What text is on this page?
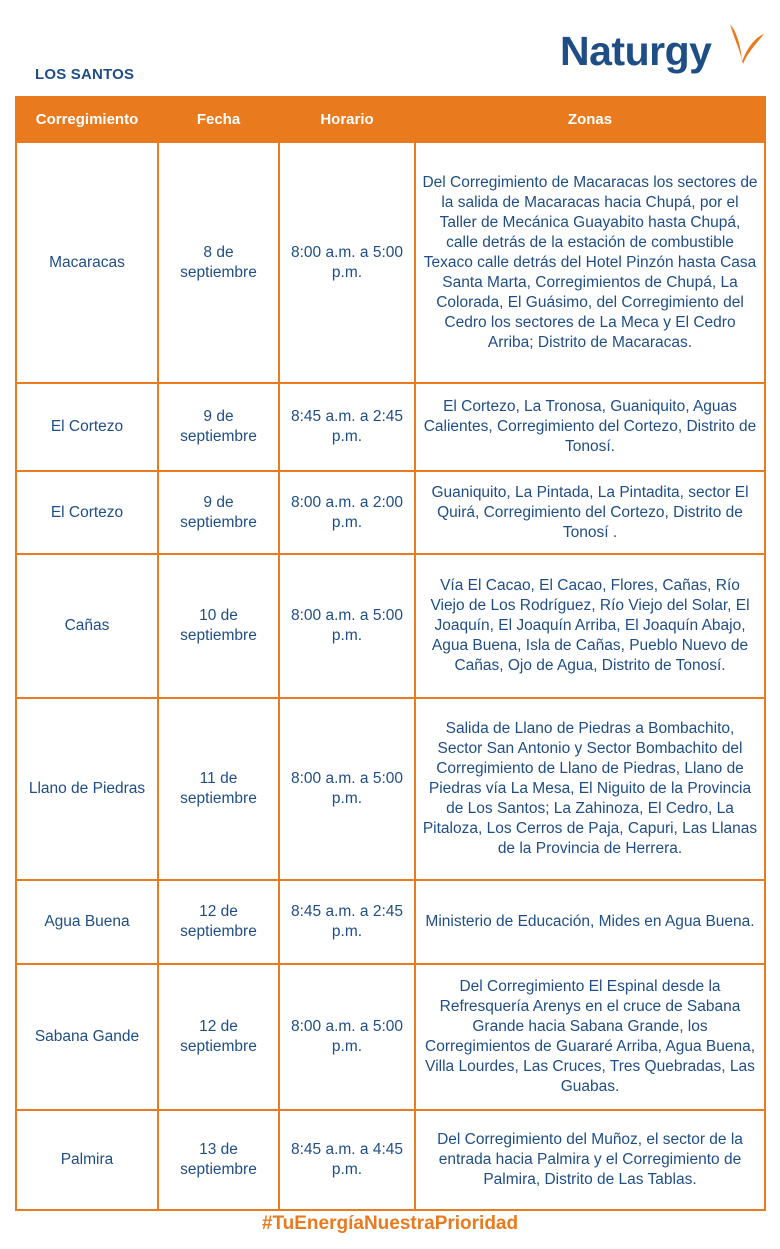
LOS SANTOS
Naturgy
Corregimiento	Fecha	Horario	Zonas
Macaracas	8 de septiembre	8:00 a.m. a 5:00 p.m.	Del Corregimiento de Macaracas los sectores de la salida de Macaracas hacia Chupá, por el Taller de Mecánica Guayabito hasta Chupá, calle detrás de la estación de combustible Texaco calle detrás del Hotel Pinzón hasta Casa Santa Marta, Corregimientos de Chupá, La Colorada, El Guásimo, del Corregimiento del Cedro los sectores de La Meca y El Cedro Arriba; Distrito de Macaracas.
El Cortezo	9 de septiembre	8:45 a.m. a 2:45 p.m.	El Cortezo, La Tronosa, Guaniquito, Aguas Calientes, Corregimiento del Cortezo, Distrito de Tonosí.
El Cortezo	9 de septiembre	8:00 a.m. a 2:00 p.m.	Guaniquito, La Pintada, La Pintadita, sector El Quirá, Corregimiento del Cortezo, Distrito de Tonosí .
Cañas	10 de septiembre	8:00 a.m. a 5:00 p.m.	Vía El Cacao, El Cacao, Flores, Cañas, Río Viejo de Los Rodríguez, Río Viejo del Solar, El Joaquín, El Joaquín Arriba, El Joaquín Abajo, Agua Buena, Isla de Cañas, Pueblo Nuevo de Cañas, Ojo de Agua, Distrito de Tonosí.
Llano de Piedras	11 de septiembre	8:00 a.m. a 5:00 p.m.	Salida de Llano de Piedras a Bombachito, Sector San Antonio y Sector Bombachito del Corregimiento de Llano de Piedras, Llano de Piedras vía La Mesa, El Niguito de la Provincia de Los Santos; La Zahinoza, El Cedro, La Pitaloza, Los Cerros de Paja, Capuri, Las Llanas de la Provincia de Herrera.
Agua Buena	12 de septiembre	8:45 a.m. a 2:45 p.m.	Ministerio de Educación, Mides en Agua Buena.
Sabana Gande	12 de septiembre	8:00 a.m. a 5:00 p.m.	Del Corregimiento El Espinal desde la Refresquería Arenys en el cruce de Sabana Grande hacia Sabana Grande, los Corregimientos de Guararé Arriba, Agua Buena, Villa Lourdes, Las Cruces, Tres Quebradas, Las Guabas.
Palmira	13 de septiembre	8:45 a.m. a 4:45 p.m.	Del Corregimiento del Muñoz, el sector de la entrada hacia Palmira y el Corregimiento de Palmira, Distrito de Las Tablas.
#TuEnergíaNuestraPrioridad
